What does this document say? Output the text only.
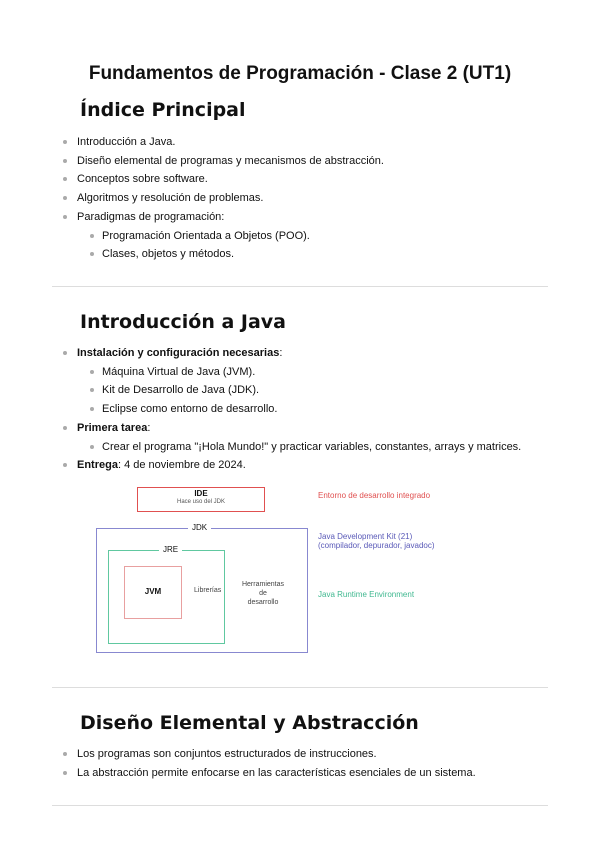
Fundamentos de Programación - Clase 2 (UT1)
Índice Principal
Introducción a Java.
Diseño elemental de programas y mecanismos de abstracción.
Conceptos sobre software.
Algoritmos y resolución de problemas.
Paradigmas de programación:
Programación Orientada a Objetos (POO).
Clases, objetos y métodos.
Introducción a Java
Instalación y configuración necesarias:
Máquina Virtual de Java (JVM).
Kit de Desarrollo de Java (JDK).
Eclipse como entorno de desarrollo.
Primera tarea:
Crear el programa "¡Hola Mundo!" y practicar variables, constantes, arrays y matrices.
Entrega: 4 de noviembre de 2024.
IDE
Hace uso del JDK
Entorno de desarrollo integrado
JDK
Java Development Kit (21)
(compilador, depurador, javadoc)
JRE
Java Runtime Environment
JVM	Librerías
Herramientas
de
desarrollo
Diseño Elemental y Abstracción
Los programas son conjuntos estructurados de instrucciones.
La abstracción permite enfocarse en las características esenciales de un sistema.
